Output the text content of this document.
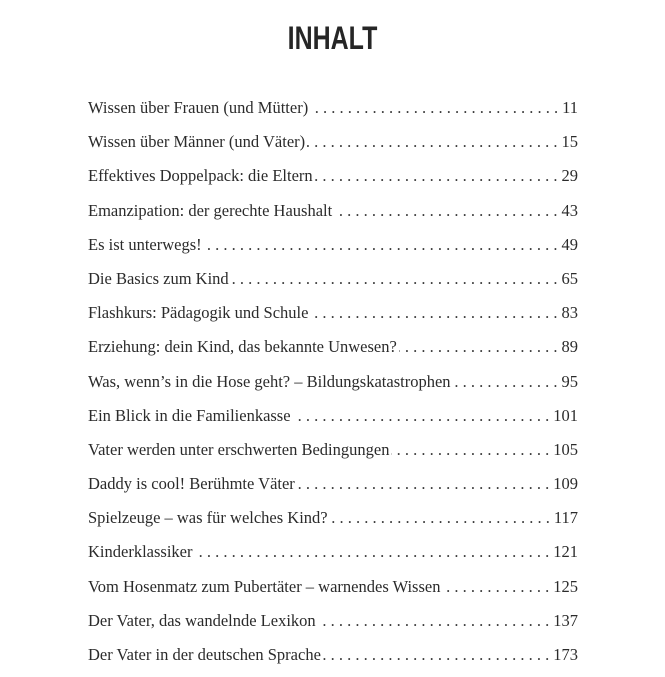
INHALT
Wissen über Frauen (und Mütter) . . .	11
Wissen über Männer (und Väter) . . .	15
Effektives Doppelpack: die Eltern . . .	29
Emanzipation: der gerechte Haushalt . . .	43
Es ist unterwegs! . . .	49
Die Basics zum Kind . . .	65
Flashkurs: Pädagogik und Schule . . .	83
Erziehung: dein Kind, das bekannte Unwesen? . . .	89
Was, wenn’s in die Hose geht? – Bildungskatastrophen . . .	95
Ein Blick in die Familienkasse . . .	101
Vater werden unter erschwerten Bedingungen . . .	105
Daddy is cool! Berühmte Väter . . .	109
Spielzeuge – was für welches Kind? . . .	117
Kinderklassiker . . .	121
Vom Hosenmatz zum Pubertäter – warnendes Wissen . . .	125
Der Vater, das wandelnde Lexikon . . .	137
Der Vater in der deutschen Sprache . . .	173
